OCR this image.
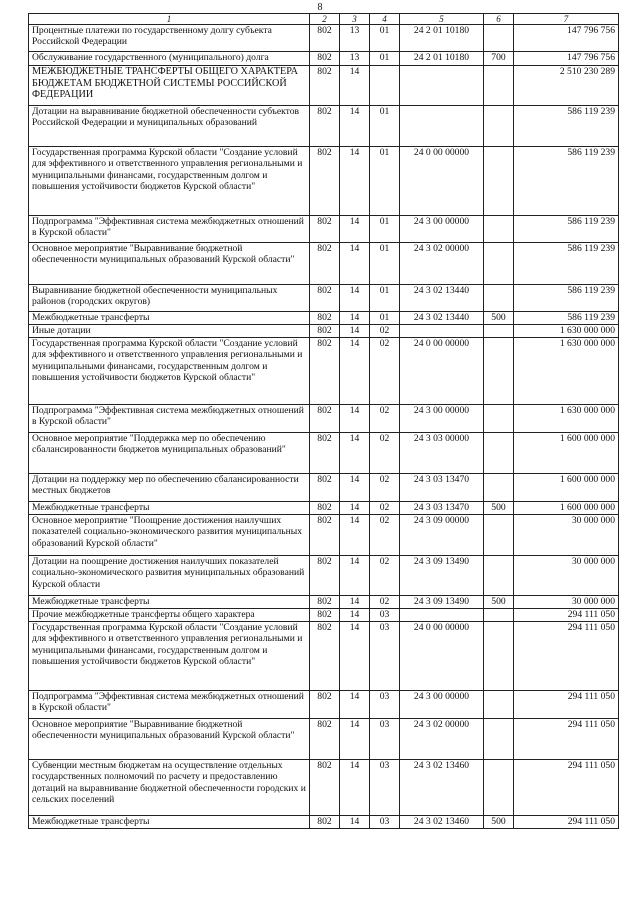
8
1	2	3	4	5	6	7
Процентные платежи по государственному долгу субъекта Российской Федерации	802	13	01	24 2 01 10180		147 796 756
Обслуживание государственного (муниципального) долга	802	13	01	24 2 01 10180	700	147 796 756
МЕЖБЮДЖЕТНЫЕ ТРАНСФЕРТЫ ОБЩЕГО ХАРАКТЕРА БЮДЖЕТАМ БЮДЖЕТНОЙ СИСТЕМЫ РОССИЙСКОЙ ФЕДЕРАЦИИ	802	14				2 510 230 289
Дотации на выравнивание бюджетной обеспеченности субъектов Российской Федерации и муниципальных образований	802	14	01			586 119 239
Государственная программа Курской области "Создание условий для эффективного и ответственного управления региональными и муниципальными финансами, государственным долгом и повышения устойчивости бюджетов Курской области"	802	14	01	24 0 00 00000		586 119 239
Подпрограмма "Эффективная система межбюджетных отношений в Курской области"	802	14	01	24 3 00 00000		586 119 239
Основное мероприятие "Выравнивание бюджетной обеспеченности муниципальных образований Курской области"	802	14	01	24 3 02 00000		586 119 239
Выравнивание бюджетной обеспеченности муниципальных районов (городских округов)	802	14	01	24 3 02 13440		586 119 239
Межбюджетные трансферты	802	14	01	24 3 02 13440	500	586 119 239
Иные дотации	802	14	02			1 630 000 000
Государственная программа Курской области "Создание условий для эффективного и ответственного управления региональными и муниципальными финансами, государственным долгом и повышения устойчивости бюджетов Курской области"	802	14	02	24 0 00 00000		1 630 000 000
Подпрограмма "Эффективная система межбюджетных отношений в Курской области"	802	14	02	24 3 00 00000		1 630 000 000
Основное мероприятие "Поддержка мер по обеспечению сбалансированности бюджетов муниципальных образований"	802	14	02	24 3 03 00000		1 600 000 000
Дотации на поддержку мер по обеспечению сбалансированности местных бюджетов	802	14	02	24 3 03 13470		1 600 000 000
Межбюджетные трансферты	802	14	02	24 3 03 13470	500	1 600 000 000
Основное мероприятие "Поощрение достижения наилучших показателей социально-экономического развития муниципальных образований Курской области"	802	14	02	24 3 09 00000		30 000 000
Дотации на поощрение достижения наилучших показателей социально-экономического развития муниципальных образований Курской области	802	14	02	24 3 09 13490		30 000 000
Межбюджетные трансферты	802	14	02	24 3 09 13490	500	30 000 000
Прочие межбюджетные трансферты общего характера	802	14	03			294 111 050
Государственная программа Курской области "Создание условий для эффективного и ответственного управления региональными и муниципальными финансами, государственным долгом и повышения устойчивости бюджетов Курской области"	802	14	03	24 0 00 00000		294 111 050
Подпрограмма "Эффективная система межбюджетных отношений в Курской области"	802	14	03	24 3 00 00000		294 111 050
Основное мероприятие "Выравнивание бюджетной обеспеченности муниципальных образований Курской области"	802	14	03	24 3 02 00000		294 111 050
Субвенции местным бюджетам на осуществление отдельных государственных полномочий по расчету и предоставлению дотаций на выравнивание бюджетной обеспеченности городских и сельских поселений	802	14	03	24 3 02 13460		294 111 050
Межбюджетные трансферты	802	14	03	24 3 02 13460	500	294 111 050
